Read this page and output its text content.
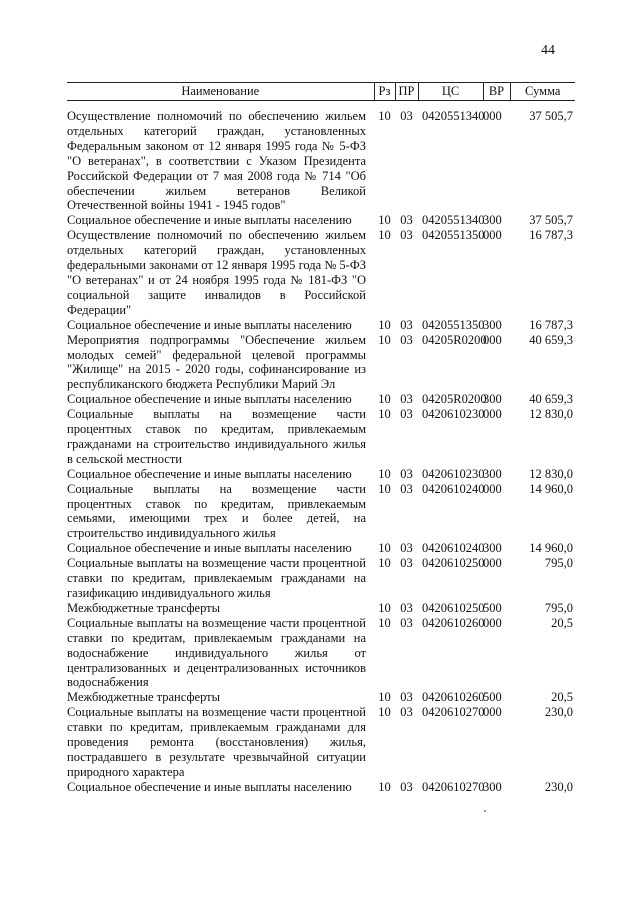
44
Наименование	Рз	ПР	ЦС	ВР	Сумма
Осуществление полномочий по обеспечению жильем отдельных категорий граждан, установленных Федеральным законом от 12 января 1995 года № 5-ФЗ "О ветеранах", в соответствии с Указом Президента Российской Федерации от 7 мая 2008 года № 714 "Об обеспечении жильем ветеранов Великой Отечественной войны 1941 - 1945 годов"	10	03	0420551340	000	37 505,7
Социальное обеспечение и иные выплаты населению	10	03	0420551340	300	37 505,7
Осуществление полномочий по обеспечению жильем отдельных категорий граждан, установленных федеральными законами от 12 января 1995 года № 5-ФЗ "О ветеранах" и от 24 ноября 1995 года № 181-ФЗ "О социальной защите инвалидов в Российской Федерации"	10	03	0420551350	000	16 787,3
Социальное обеспечение и иные выплаты населению	10	03	0420551350	300	16 787,3
Мероприятия подпрограммы "Обеспечение жильем молодых семей" федеральной целевой программы "Жилище" на 2015 - 2020 годы, софинансирование из республиканского бюджета Республики Марий Эл	10	03	04205R0200	000	40 659,3
Социальное обеспечение и иные выплаты населению	10	03	04205R0200	300	40 659,3
Социальные выплаты на возмещение части процентных ставок по кредитам, привлекаемым гражданами на строительство индивидуального жилья в сельской местности	10	03	0420610230	000	12 830,0
Социальное обеспечение и иные выплаты населению	10	03	0420610230	300	12 830,0
Социальные выплаты на возмещение части процентных ставок по кредитам, привлекаемым семьями, имеющими трех и более детей, на строительство индивидуального жилья	10	03	0420610240	000	14 960,0
Социальное обеспечение и иные выплаты населению	10	03	0420610240	300	14 960,0
Социальные выплаты на возмещение части процентной ставки по кредитам, привлекаемым гражданами на газификацию индивидуального жилья	10	03	0420610250	000	795,0
Межбюджетные трансферты	10	03	0420610250	500	795,0
Социальные выплаты на возмещение части процентной ставки по кредитам, привлекаемым гражданами на водоснабжение индивидуального жилья от централизованных и децентрализованных источников водоснабжения	10	03	0420610260	000	20,5
Межбюджетные трансферты	10	03	0420610260	500	20,5
Социальные выплаты на возмещение части процентной ставки по кредитам, привлекаемым гражданами для проведения ремонта (восстановления) жилья, пострадавшего в результате чрезвычайной ситуации природного характера	10	03	0420610270	000	230,0
Социальное обеспечение и иные выплаты населению	10	03	0420610270	300	230,0
